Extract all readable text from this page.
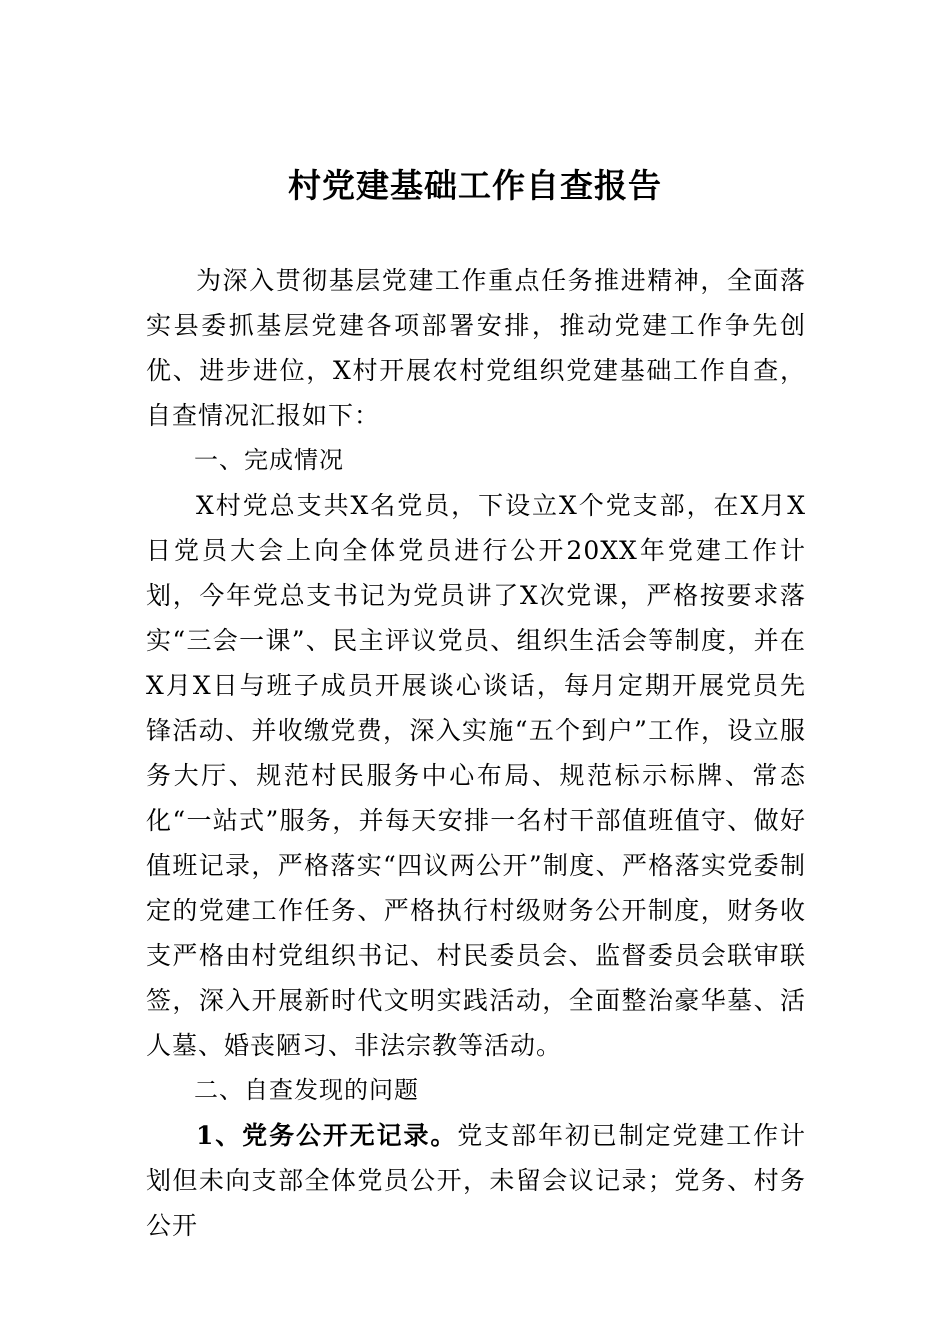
村党建基础工作自查报告

为深入贯彻基层党建工作重点任务推进精神，全面落实县委抓基层党建各项部署安排，推动党建工作争先创优、进步进位，X村开展农村党组织党建基础工作自查，自查情况汇报如下：

一、完成情况

X村党总支共X名党员，下设立X个党支部，在X月X日党员大会上向全体党员进行公开20XX年党建工作计划，今年党总支书记为党员讲了X次党课，严格按要求落实“三会一课”、民主评议党员、组织生活会等制度，并在X月X日与班子成员开展谈心谈话，每月定期开展党员先锋活动、并收缴党费，深入实施“五个到户”工作，设立服务大厅、规范村民服务中心布局、规范标示标牌、常态化“一站式”服务，并每天安排一名村干部值班值守、做好值班记录，严格落实“四议两公开”制度、严格落实党委制定的党建工作任务、严格执行村级财务公开制度，财务收支严格由村党组织书记、村民委员会、监督委员会联审联签，深入开展新时代文明实践活动，全面整治豪华墓、活人墓、婚丧陋习、非法宗教等活动。

二、自查发现的问题

1、党务公开无记录。党支部年初已制定党建工作计划但未向支部全体党员公开，未留会议记录；党务、村务公开
